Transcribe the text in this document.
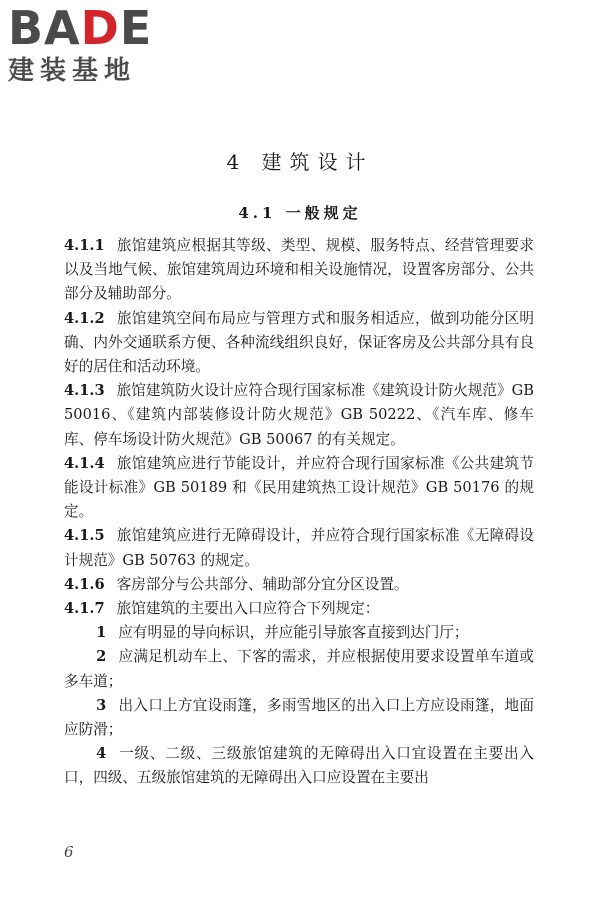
BADE
建装基地
4 建筑设计
4.1 一般规定

4.1.1 旅馆建筑应根据其等级、类型、规模、服务特点、经营管理要求以及当地气候、旅馆建筑周边环境和相关设施情况，设置客房部分、公共部分及辅助部分。

4.1.2 旅馆建筑空间布局应与管理方式和服务相适应，做到功能分区明确、内外交通联系方便、各种流线组织良好，保证客房及公共部分具有良好的居住和活动环境。

4.1.3 旅馆建筑防火设计应符合现行国家标准《建筑设计防火规范》GB 50016、《建筑内部装修设计防火规范》GB 50222、《汽车库、修车库、停车场设计防火规范》GB 50067 的有关规定。

4.1.4 旅馆建筑应进行节能设计，并应符合现行国家标准《公共建筑节能设计标准》GB 50189 和《民用建筑热工设计规范》GB 50176 的规定。

4.1.5 旅馆建筑应进行无障碍设计，并应符合现行国家标准《无障碍设计规范》GB 50763 的规定。

4.1.6 客房部分与公共部分、辅助部分宜分区设置。

4.1.7 旅馆建筑的主要出入口应符合下列规定：

1 应有明显的导向标识，并应能引导旅客直接到达门厅；

2 应满足机动车上、下客的需求，并应根据使用要求设置单车道或多车道；

3 出入口上方宜设雨篷，多雨雪地区的出入口上方应设雨篷，地面应防滑；

4 一级、二级、三级旅馆建筑的无障碍出入口宜设置在主要出入口，四级、五级旅馆建筑的无障碍出入口应设置在主要出

6
